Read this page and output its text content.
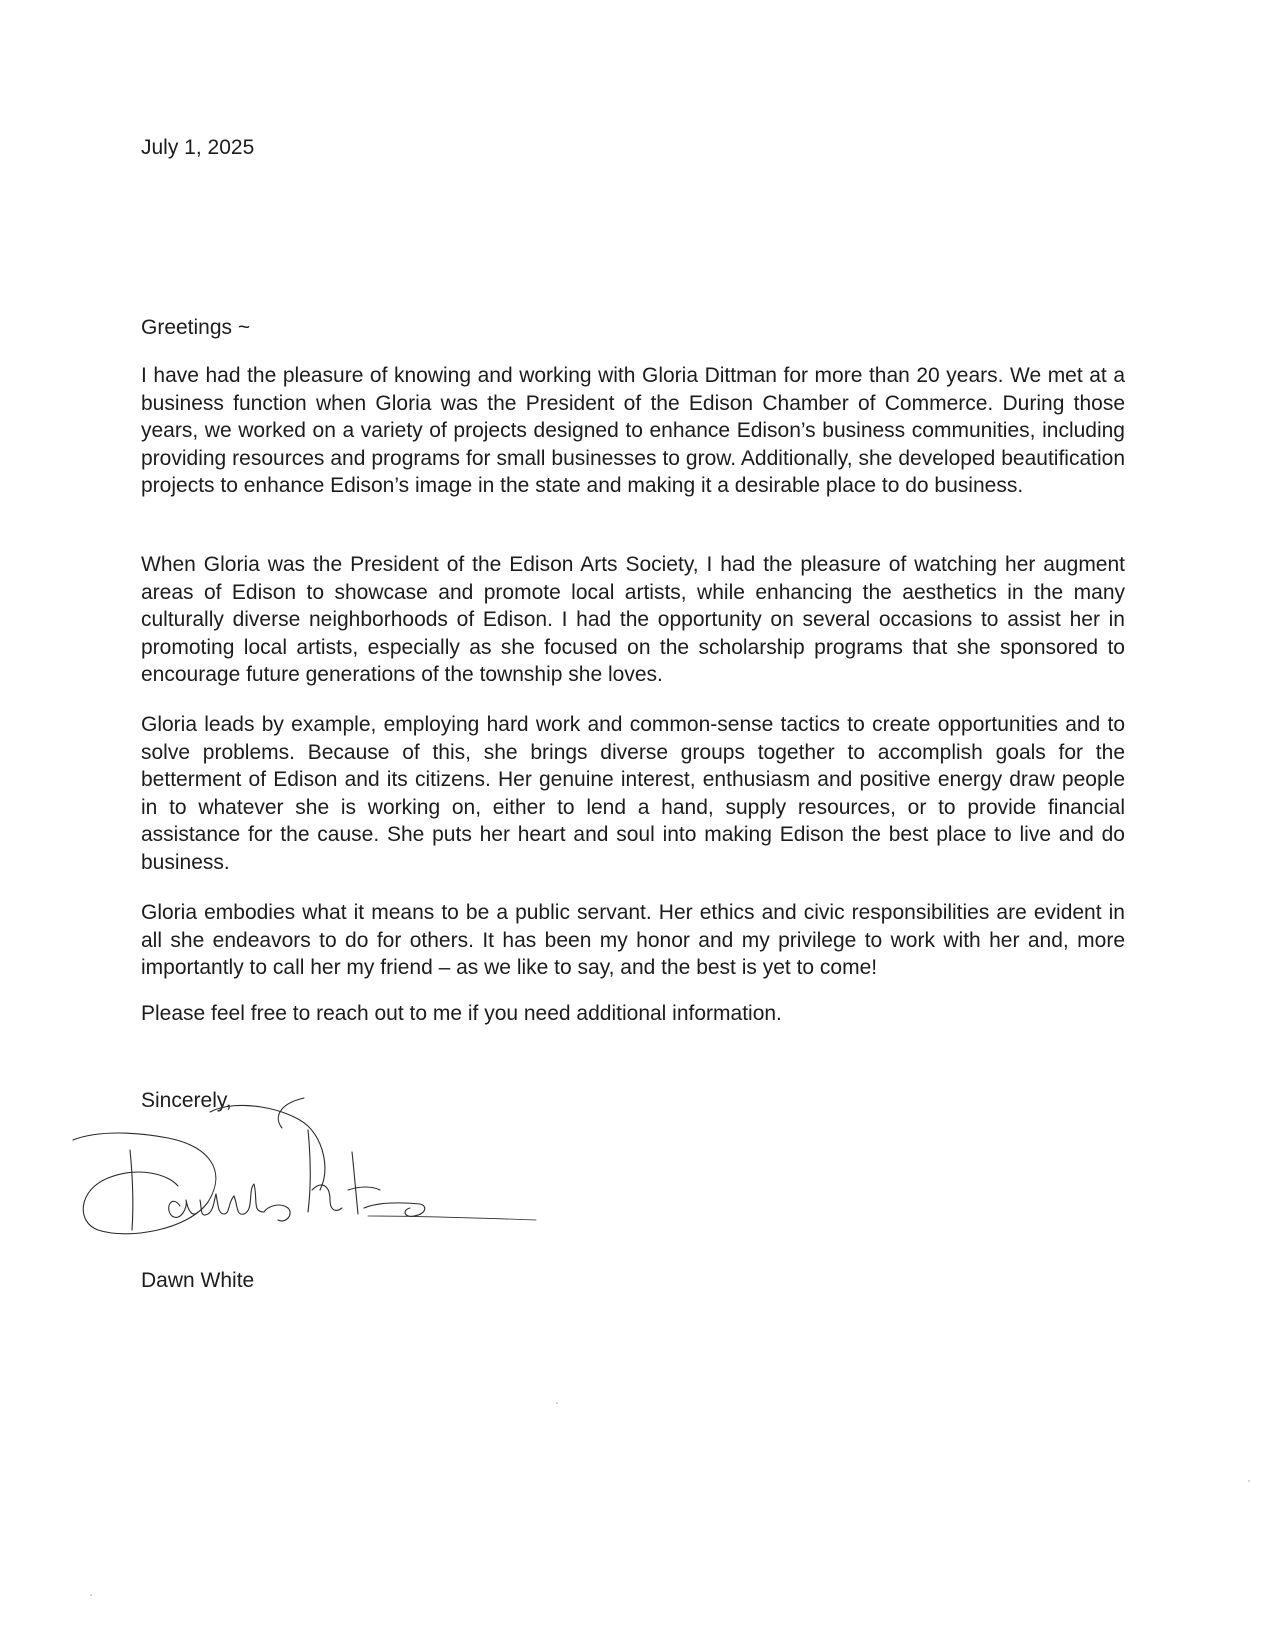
July 1, 2025

Greetings ~

I have had the pleasure of knowing and working with Gloria Dittman for more than 20 years. We met at a business function when Gloria was the President of the Edison Chamber of Commerce. During those years, we worked on a variety of projects designed to enhance Edison’s business communities, including providing resources and programs for small businesses to grow. Additionally, she developed beautification projects to enhance Edison’s image in the state and making it a desirable place to do business.

When Gloria was the President of the Edison Arts Society, I had the pleasure of watching her augment areas of Edison to showcase and promote local artists, while enhancing the aesthetics in the many culturally diverse neighborhoods of Edison. I had the opportunity on several occasions to assist her in promoting local artists, especially as she focused on the scholarship programs that she sponsored to encourage future generations of the township she loves.

Gloria leads by example, employing hard work and common-sense tactics to create opportunities and to solve problems. Because of this, she brings diverse groups together to accomplish goals for the betterment of Edison and its citizens. Her genuine interest, enthusiasm and positive energy draw people in to whatever she is working on, either to lend a hand, supply resources, or to provide financial assistance for the cause. She puts her heart and soul into making Edison the best place to live and do business.

Gloria embodies what it means to be a public servant. Her ethics and civic responsibilities are evident in all she endeavors to do for others. It has been my honor and my privilege to work with her and, more importantly to call her my friend – as we like to say, and the best is yet to come!

Please feel free to reach out to me if you need additional information.

Sincerely,

Dawn White
